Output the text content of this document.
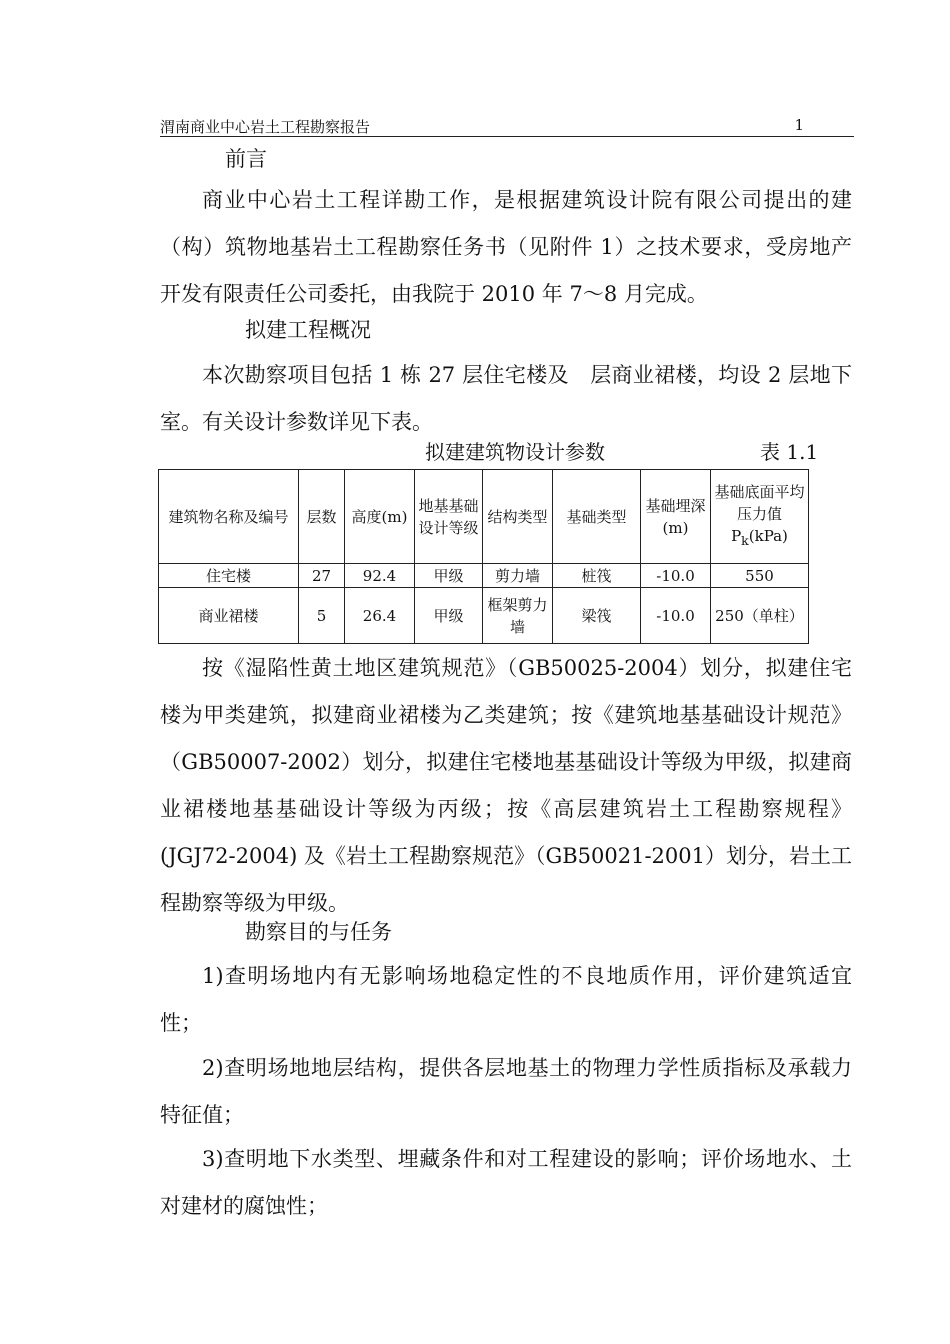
渭南商业中心岩土工程勘察报告	1
前言

商业中心岩土工程详勘工作，是根据建筑设计院有限公司提出的建（构）筑物地基岩土工程勘察任务书（见附件 1）之技术要求，受房地产开发有限责任公司委托，由我院于 2010 年 7～8 月完成。

拟建工程概况

本次勘察项目包括 1 栋 27 层住宅楼及　层商业裙楼，均设 2 层地下室。有关设计参数详见下表。

拟建建筑物设计参数	表 1.1
建筑物名称及编号	层数	高度(m)	地基基础设计等级	结构类型	基础类型	基础埋深(m)	基础底面平均压力值 $P_k(kPa)$
住宅楼	27	92.4	甲级	剪力墙	桩筏	-10.0	550
商业裙楼	5	26.4	甲级	框架剪力墙	梁筏	-10.0	250（单柱）

按《湿陷性黄土地区建筑规范》（GB50025-2004）划分，拟建住宅楼为甲类建筑，拟建商业裙楼为乙类建筑；按《建筑地基基础设计规范》（GB50007-2002）划分，拟建住宅楼地基基础设计等级为甲级，拟建商业裙楼地基基础设计等级为丙级；按《高层建筑岩土工程勘察规程》(JGJ72-2004) 及《岩土工程勘察规范》（GB50021-2001）划分，岩土工程勘察等级为甲级。

勘察目的与任务

1)查明场地内有无影响场地稳定性的不良地质作用，评价建筑适宜性；

2)查明场地地层结构，提供各层地基土的物理力学性质指标及承载力特征值；

3)查明地下水类型、埋藏条件和对工程建设的影响；评价场地水、土对建材的腐蚀性；
